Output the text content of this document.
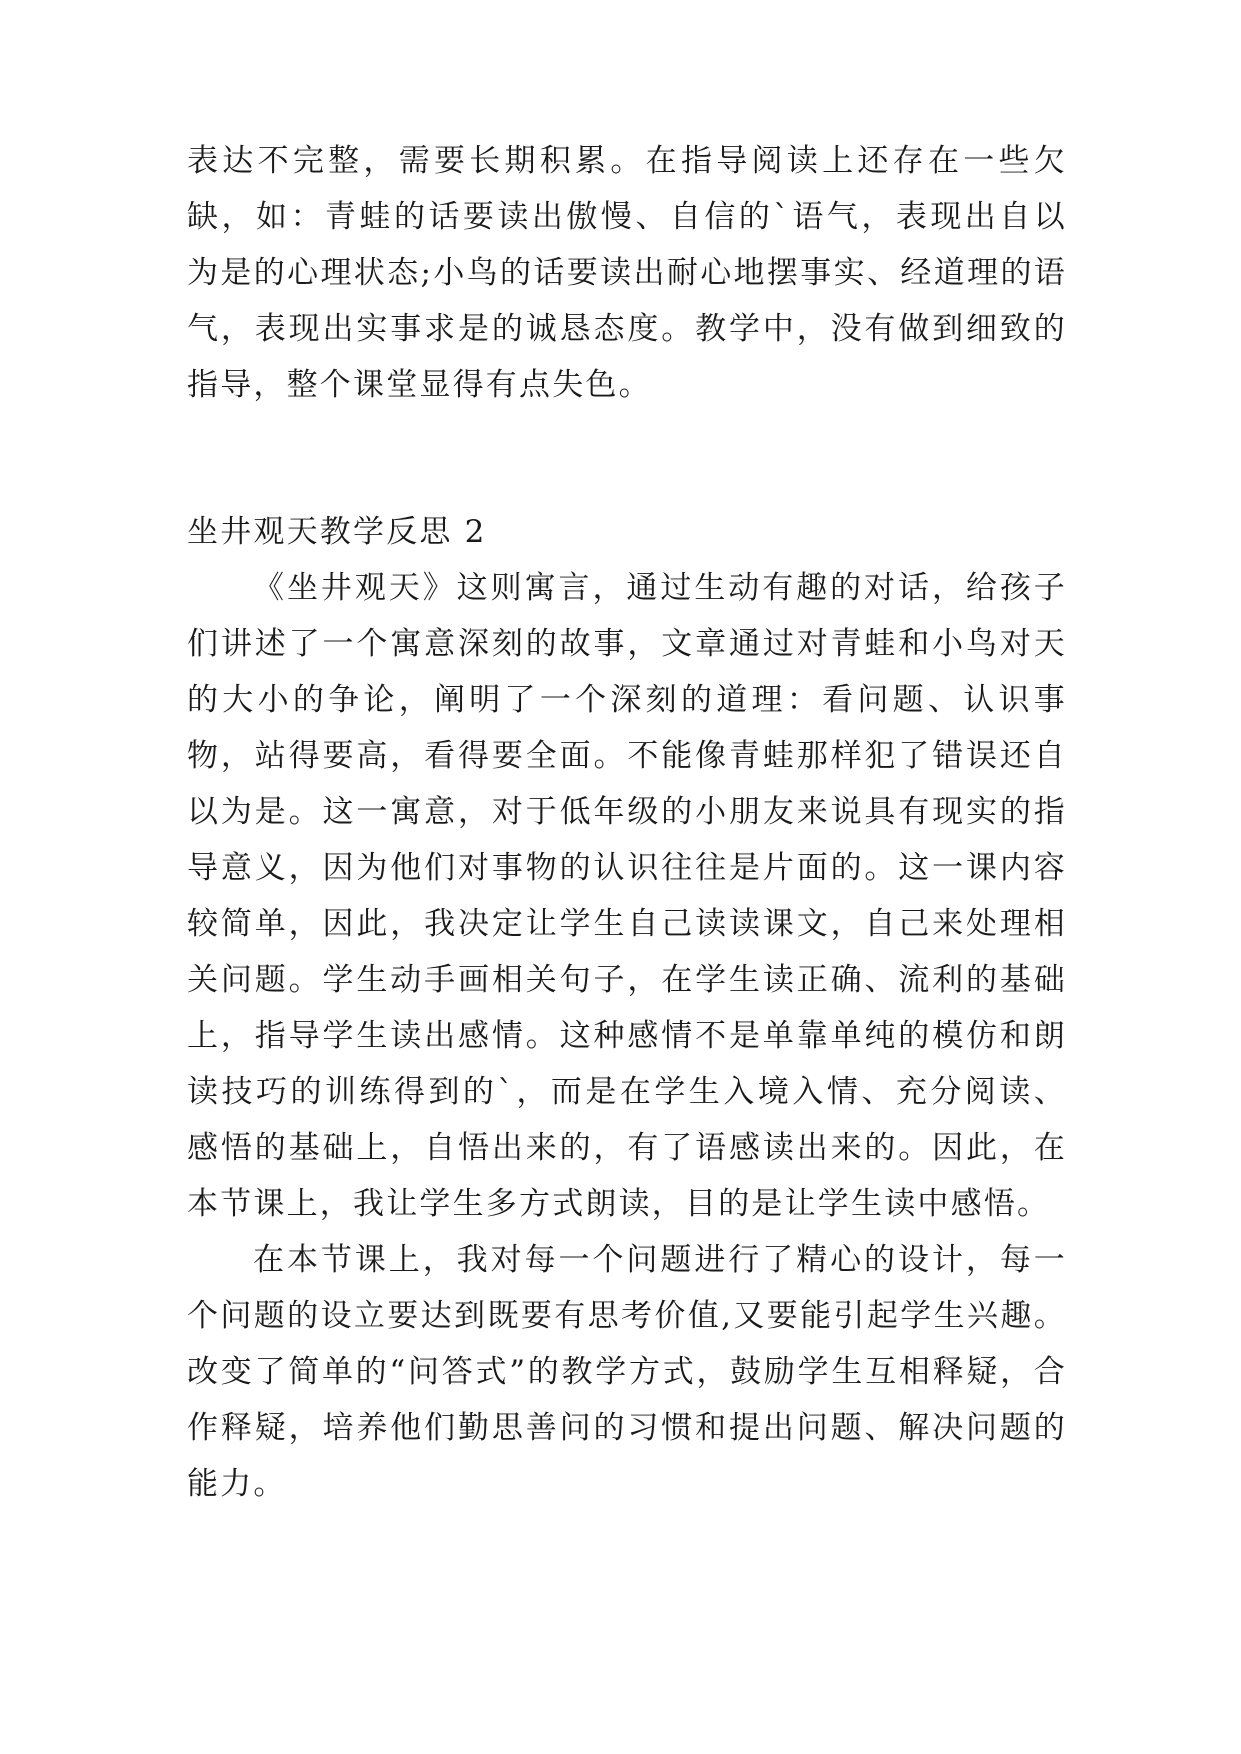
表达不完整，需要长期积累。在指导阅读上还存在一些欠缺，如：青蛙的话要读出傲慢、自信的`语气，表现出自以为是的心理状态;小鸟的话要读出耐心地摆事实、经道理的语气，表现出实事求是的诚恳态度。教学中，没有做到细致的指导，整个课堂显得有点失色。

坐井观天教学反思 2

《坐井观天》这则寓言，通过生动有趣的对话，给孩子们讲述了一个寓意深刻的故事，文章通过对青蛙和小鸟对天的大小的争论，阐明了一个深刻的道理：看问题、认识事物，站得要高，看得要全面。不能像青蛙那样犯了错误还自以为是。这一寓意，对于低年级的小朋友来说具有现实的指导意义，因为他们对事物的认识往往是片面的。这一课内容较简单，因此，我决定让学生自己读读课文，自己来处理相关问题。学生动手画相关句子，在学生读正确、流利的基础上，指导学生读出感情。这种感情不是单靠单纯的模仿和朗读技巧的训练得到的`，而是在学生入境入情、充分阅读、感悟的基础上，自悟出来的，有了语感读出来的。因此，在本节课上，我让学生多方式朗读，目的是让学生读中感悟。

在本节课上，我对每一个问题进行了精心的设计，每一个问题的设立要达到既要有思考价值,又要能引起学生兴趣。改变了简单的“问答式”的教学方式，鼓励学生互相释疑，合作释疑，培养他们勤思善问的习惯和提出问题、解决问题的能力。
